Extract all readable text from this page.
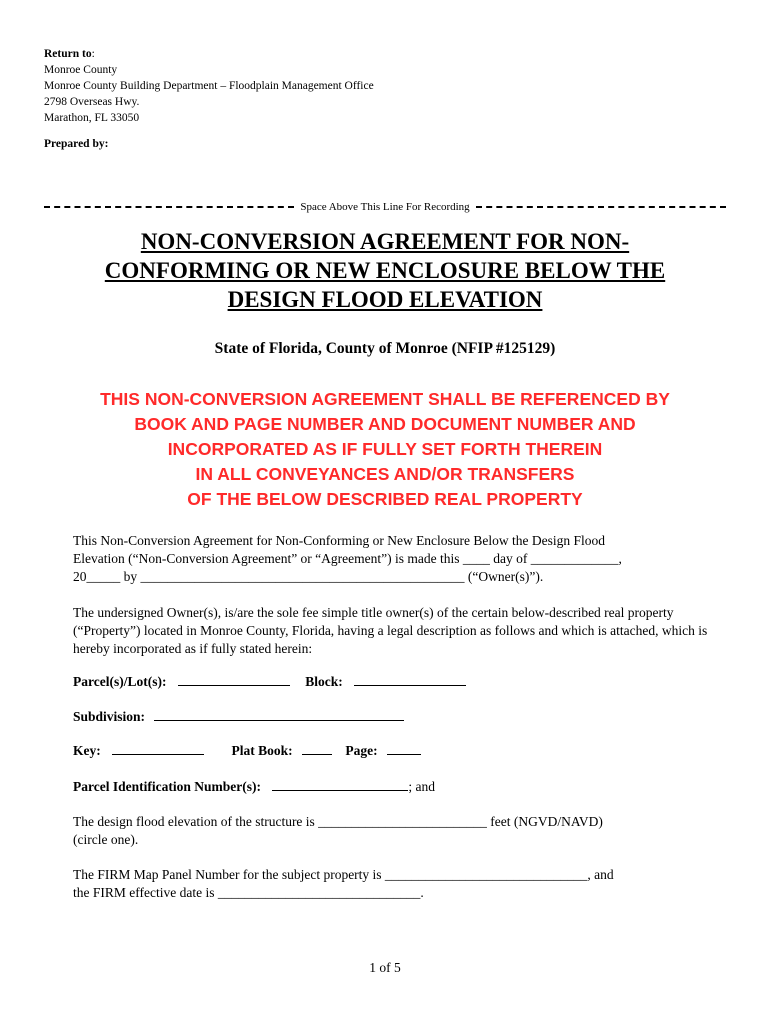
Return to:
Monroe County
Monroe County Building Department – Floodplain Management Office
2798 Overseas Hwy.
Marathon, FL 33050
Prepared by:
Space Above This Line For Recording
NON-CONVERSION AGREEMENT FOR NON-
CONFORMING OR NEW ENCLOSURE BELOW THE
DESIGN FLOOD ELEVATION
State of Florida, County of Monroe (NFIP #125129)
THIS NON-CONVERSION AGREEMENT SHALL BE REFERENCED BY
BOOK AND PAGE NUMBER AND DOCUMENT NUMBER AND
INCORPORATED AS IF FULLY SET FORTH THEREIN
IN ALL CONVEYANCES AND/OR TRANSFERS
OF THE BELOW DESCRIBED REAL PROPERTY
This Non-Conversion Agreement for Non-Conforming or New Enclosure Below the Design Flood
Elevation (“Non-Conversion Agreement” or “Agreement”) is made this ____ day of _____________,
20_____ by ________________________________________________ (“Owner(s)”).
The undersigned Owner(s), is/are the sole fee simple title owner(s) of the certain below-described real property (“Property”) located in Monroe County, Florida, having a legal description as follows and which is attached, which is hereby incorporated as if fully stated herein:
Parcel(s)/Lot(s):	Block:
Subdivision:
Key:	Plat Book:	Page:
Parcel Identification Number(s):	; and
The design flood elevation of the structure is _________________________ feet (NGVD/NAVD)
(circle one).
The FIRM Map Panel Number for the subject property is ______________________________, and
the FIRM effective date is ______________________________.
1 of 5
